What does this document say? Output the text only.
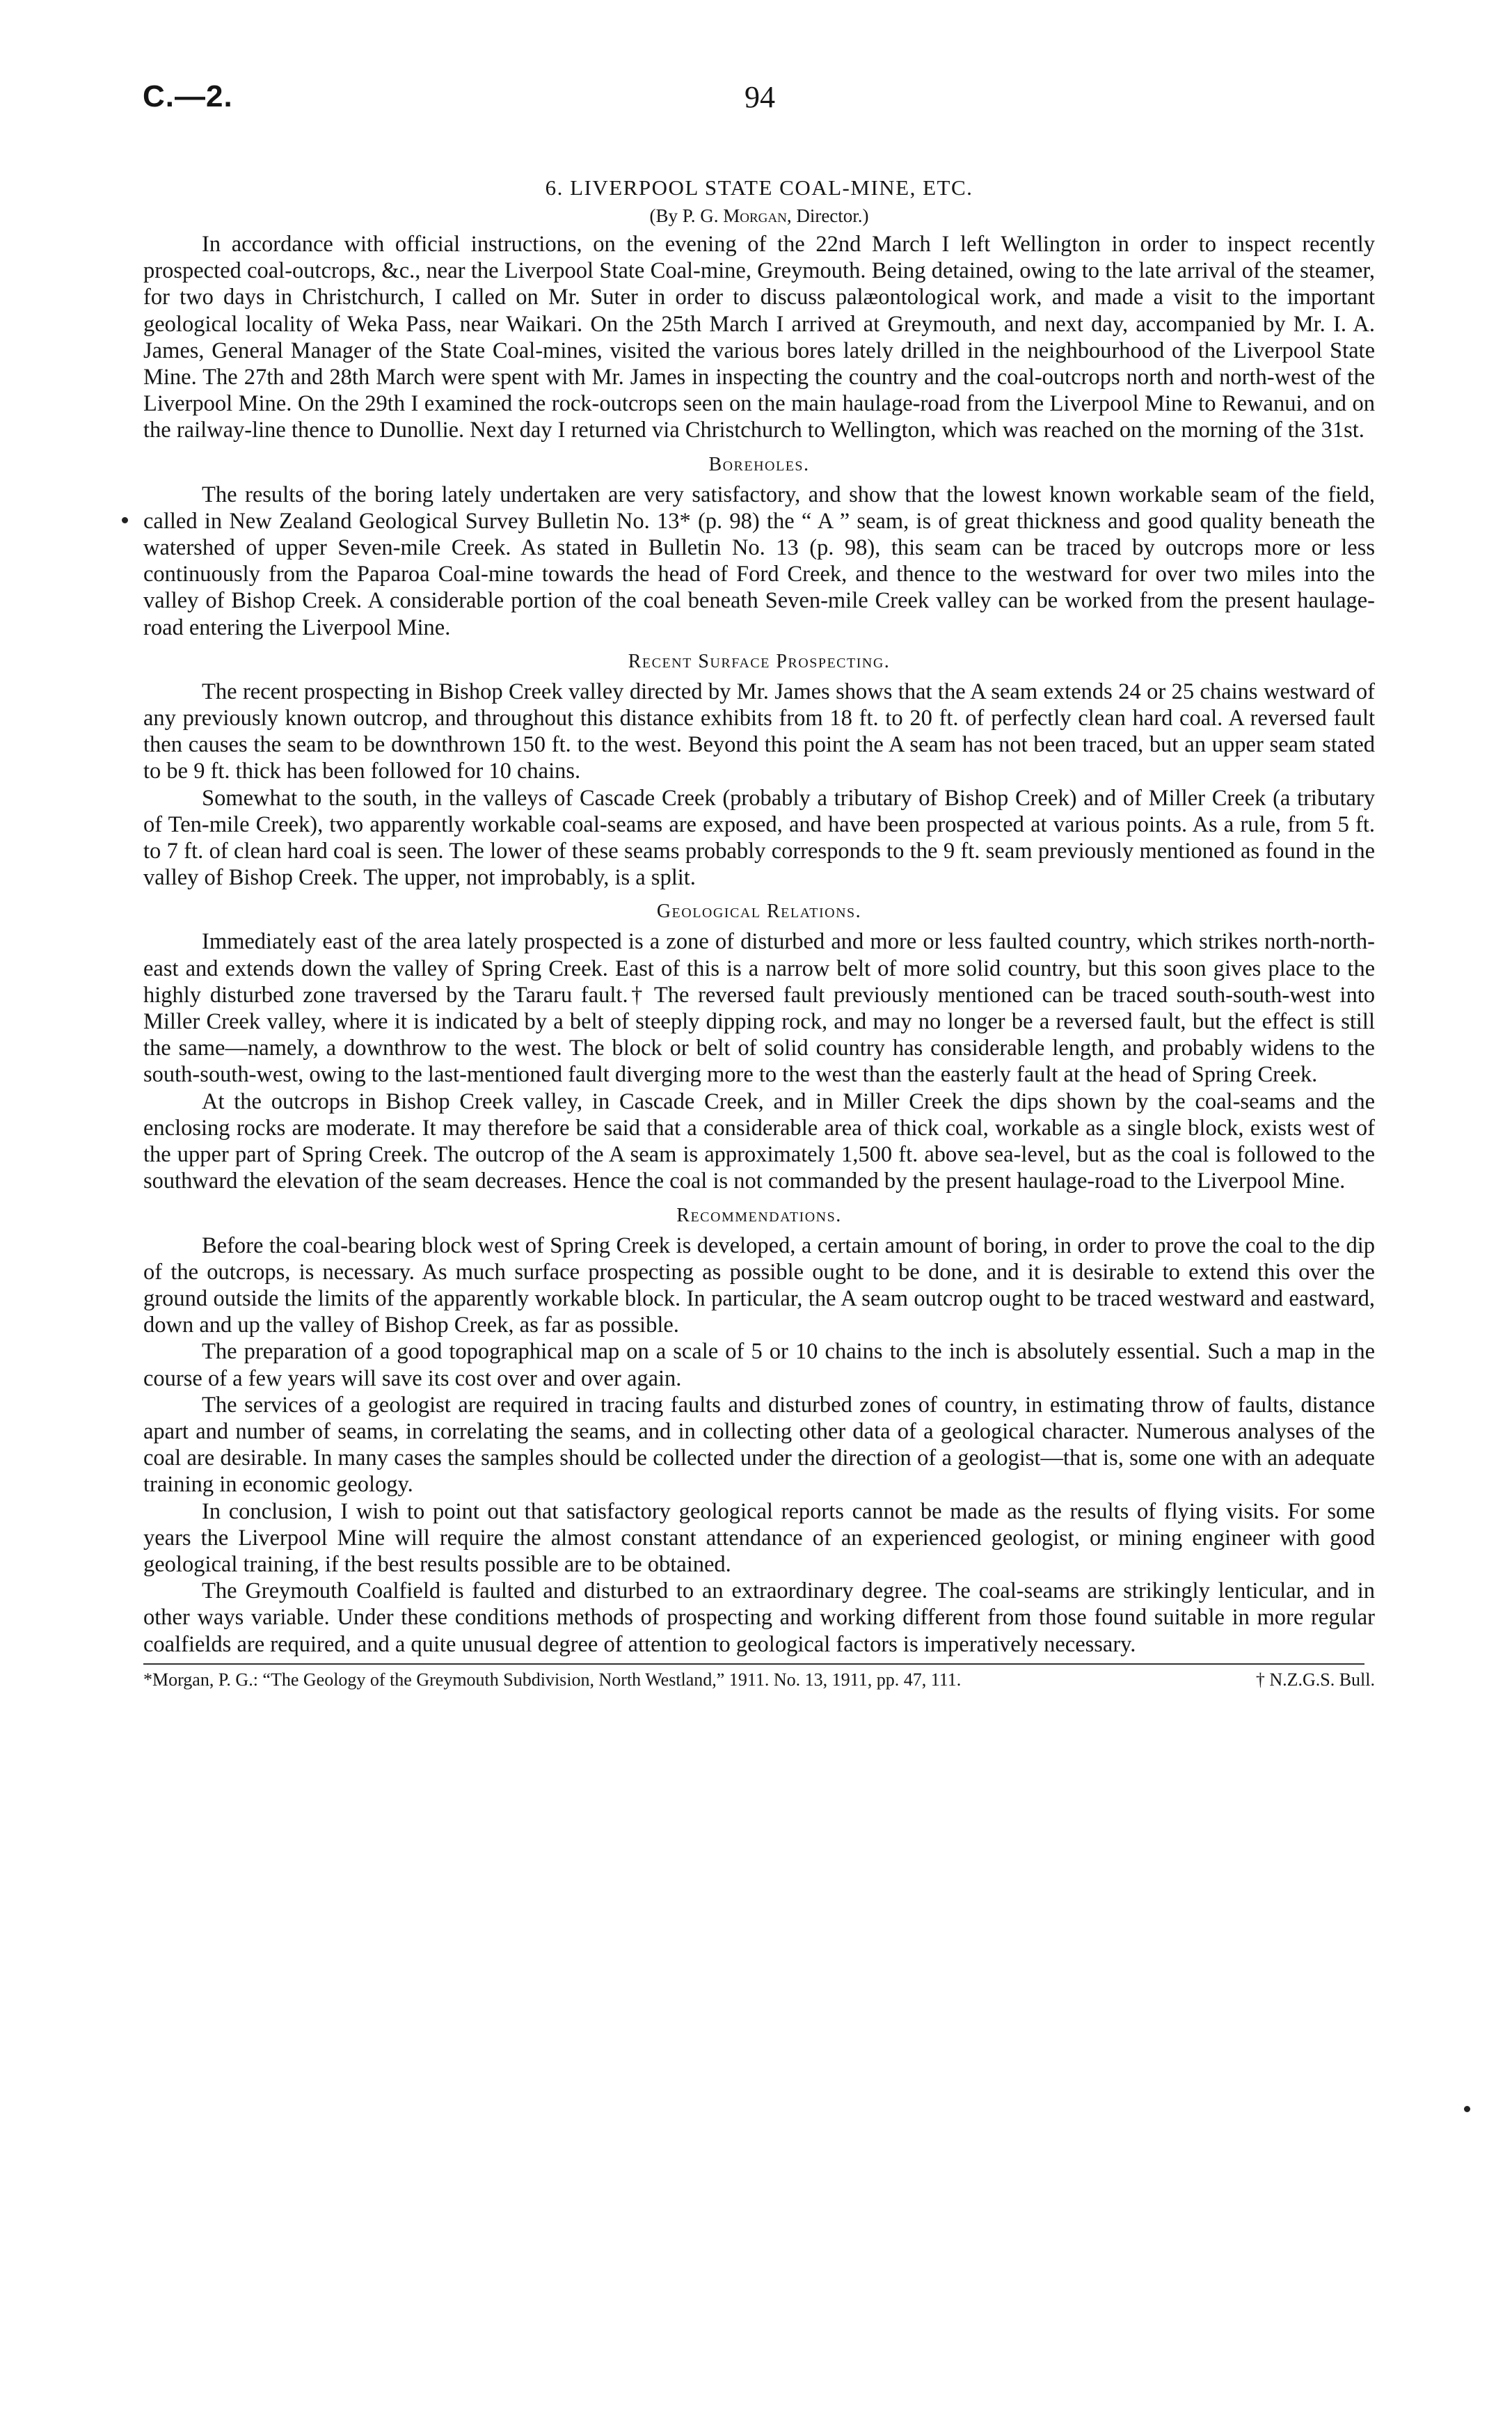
C.—2.	94
6. LIVERPOOL STATE COAL-MINE, ETC.
(By P. G. Morgan, Director.)

In accordance with official instructions, on the evening of the 22nd March I left Wellington in order to inspect recently prospected coal-outcrops, &c., near the Liverpool State Coal-mine, Greymouth. Being detained, owing to the late arrival of the steamer, for two days in Christchurch, I called on Mr. Suter in order to discuss palæontological work, and made a visit to the important geological locality of Weka Pass, near Waikari. On the 25th March I arrived at Greymouth, and next day, accompanied by Mr. I. A. James, General Manager of the State Coal-mines, visited the various bores lately drilled in the neighbourhood of the Liverpool State Mine. The 27th and 28th March were spent with Mr. James in inspecting the country and the coal-outcrops north and north-west of the Liverpool Mine. On the 29th I examined the rock-outcrops seen on the main haulage-road from the Liverpool Mine to Rewanui, and on the railway-line thence to Dunollie. Next day I returned via Christchurch to Wellington, which was reached on the morning of the 31st.

Boreholes.

The results of the boring lately undertaken are very satisfactory, and show that the lowest known workable seam of the field, called in New Zealand Geological Survey Bulletin No. 13* (p. 98) the “ A ” seam, is of great thickness and good quality beneath the watershed of upper Seven-mile Creek. As stated in Bulletin No. 13 (p. 98), this seam can be traced by outcrops more or less continuously from the Paparoa Coal-mine towards the head of Ford Creek, and thence to the westward for over two miles into the valley of Bishop Creek. A considerable portion of the coal beneath Seven-mile Creek valley can be worked from the present haulage-road entering the Liverpool Mine.

Recent Surface Prospecting.

The recent prospecting in Bishop Creek valley directed by Mr. James shows that the A seam extends 24 or 25 chains westward of any previously known outcrop, and throughout this distance exhibits from 18 ft. to 20 ft. of perfectly clean hard coal. A reversed fault then causes the seam to be downthrown 150 ft. to the west. Beyond this point the A seam has not been traced, but an upper seam stated to be 9 ft. thick has been followed for 10 chains.

Somewhat to the south, in the valleys of Cascade Creek (probably a tributary of Bishop Creek) and of Miller Creek (a tributary of Ten-mile Creek), two apparently workable coal-seams are exposed, and have been prospected at various points. As a rule, from 5 ft. to 7 ft. of clean hard coal is seen. The lower of these seams probably corresponds to the 9 ft. seam previously mentioned as found in the valley of Bishop Creek. The upper, not improbably, is a split.

Geological Relations.

Immediately east of the area lately prospected is a zone of disturbed and more or less faulted country, which strikes north-north-east and extends down the valley of Spring Creek. East of this is a narrow belt of more solid country, but this soon gives place to the highly disturbed zone traversed by the Tararu fault.† The reversed fault previously mentioned can be traced south-south-west into Miller Creek valley, where it is indicated by a belt of steeply dipping rock, and may no longer be a reversed fault, but the effect is still the same—namely, a downthrow to the west. The block or belt of solid country has considerable length, and probably widens to the south-south-west, owing to the last-mentioned fault diverging more to the west than the easterly fault at the head of Spring Creek.

At the outcrops in Bishop Creek valley, in Cascade Creek, and in Miller Creek the dips shown by the coal-seams and the enclosing rocks are moderate. It may therefore be said that a considerable area of thick coal, workable as a single block, exists west of the upper part of Spring Creek. The outcrop of the A seam is approximately 1,500 ft. above sea-level, but as the coal is followed to the southward the elevation of the seam decreases. Hence the coal is not commanded by the present haulage-road to the Liverpool Mine.

Recommendations.

Before the coal-bearing block west of Spring Creek is developed, a certain amount of boring, in order to prove the coal to the dip of the outcrops, is necessary. As much surface prospecting as possible ought to be done, and it is desirable to extend this over the ground outside the limits of the apparently workable block. In particular, the A seam outcrop ought to be traced westward and eastward, down and up the valley of Bishop Creek, as far as possible.

The preparation of a good topographical map on a scale of 5 or 10 chains to the inch is absolutely essential. Such a map in the course of a few years will save its cost over and over again.

The services of a geologist are required in tracing faults and disturbed zones of country, in estimating throw of faults, distance apart and number of seams, in correlating the seams, and in collecting other data of a geological character. Numerous analyses of the coal are desirable. In many cases the samples should be collected under the direction of a geologist—that is, some one with an adequate training in economic geology.

In conclusion, I wish to point out that satisfactory geological reports cannot be made as the results of flying visits. For some years the Liverpool Mine will require the almost constant attendance of an experienced geologist, or mining engineer with good geological training, if the best results possible are to be obtained.

The Greymouth Coalfield is faulted and disturbed to an extraordinary degree. The coal-seams are strikingly lenticular, and in other ways variable. Under these conditions methods of prospecting and working different from those found suitable in more regular coalfields are required, and a quite unusual degree of attention to geological factors is imperatively necessary.

† N.Z.G.S. Bull.
*Morgan, P. G.: “The Geology of the Greymouth Subdivision, North Westland,” 1911. No. 13, 1911, pp. 47, 111.
